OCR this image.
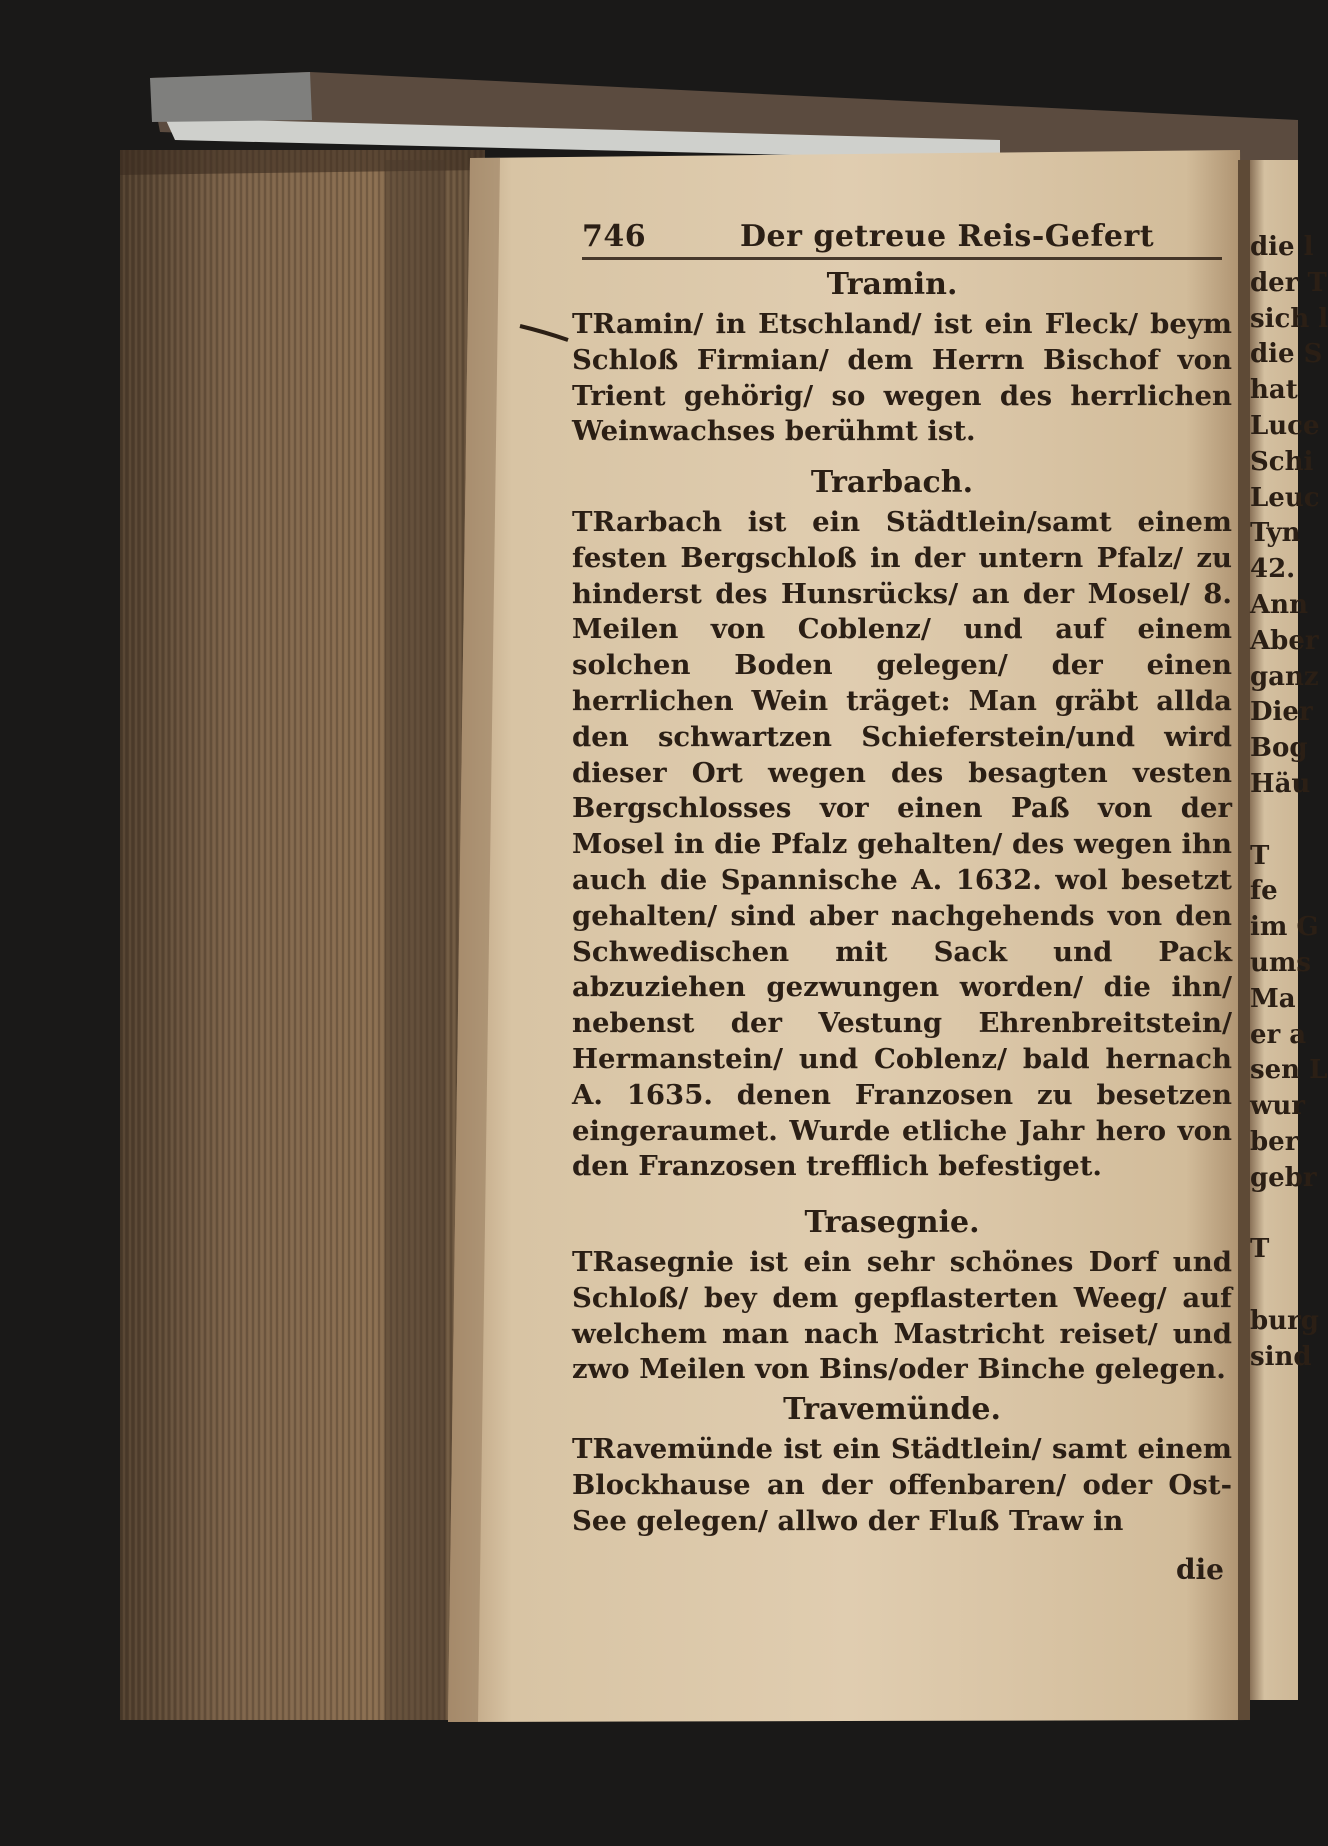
746	Der getreue Reis-Gefert
Tramin.
TRamin/ in Etschland/ ist ein Fleck/ beym Schloß Firmian/ dem Herrn Bischof von Trient gehörig/ so wegen des herrlichen Weinwachses berühmt ist.
Trarbach.
TRarbach ist ein Städtlein/samt einem festen Bergschloß in der untern Pfalz/ zu hinderst des Hunsrücks/ an der Mosel/ 8. Meilen von Coblenz/ und auf einem solchen Boden gelegen/ der einen herrlichen Wein träget: Man gräbt allda den schwartzen Schieferstein/und wird dieser Ort wegen des besagten vesten Bergschlosses vor einen Paß von der Mosel in die Pfalz gehalten/ des wegen ihn auch die Spannische A. 1632. wol besetzt gehalten/ sind aber nachgehends von den Schwedischen mit Sack und Pack abzuziehen gezwungen worden/ die ihn/ nebenst der Vestung Ehrenbreitstein/ Hermanstein/ und Coblenz/ bald hernach A. 1635. denen Franzosen zu besetzen eingeraumet. Wurde etliche Jahr hero von den Franzosen trefflich befestiget.
Trasegnie.
TRasegnie ist ein sehr schönes Dorf und Schloß/ bey dem gepflasterten Weeg/ auf welchem man nach Mastricht reiset/ und zwo Meilen von Bins/oder Binche gelegen.
Travemünde.
TRavemünde ist ein Städtlein/ samt einem Blockhause an der offenbaren/ oder Ost-See gelegen/ allwo der Fluß Traw in
die
die l
der T
sich l
die S
hat
Luce
Schi
Leuc
Tyn
42.
Ann
Aber
ganz
Dier
Bog
Häu

T
fe
im G
ums
Ma
er a
sen L
wur
ber
gebr

T

burg
sind
